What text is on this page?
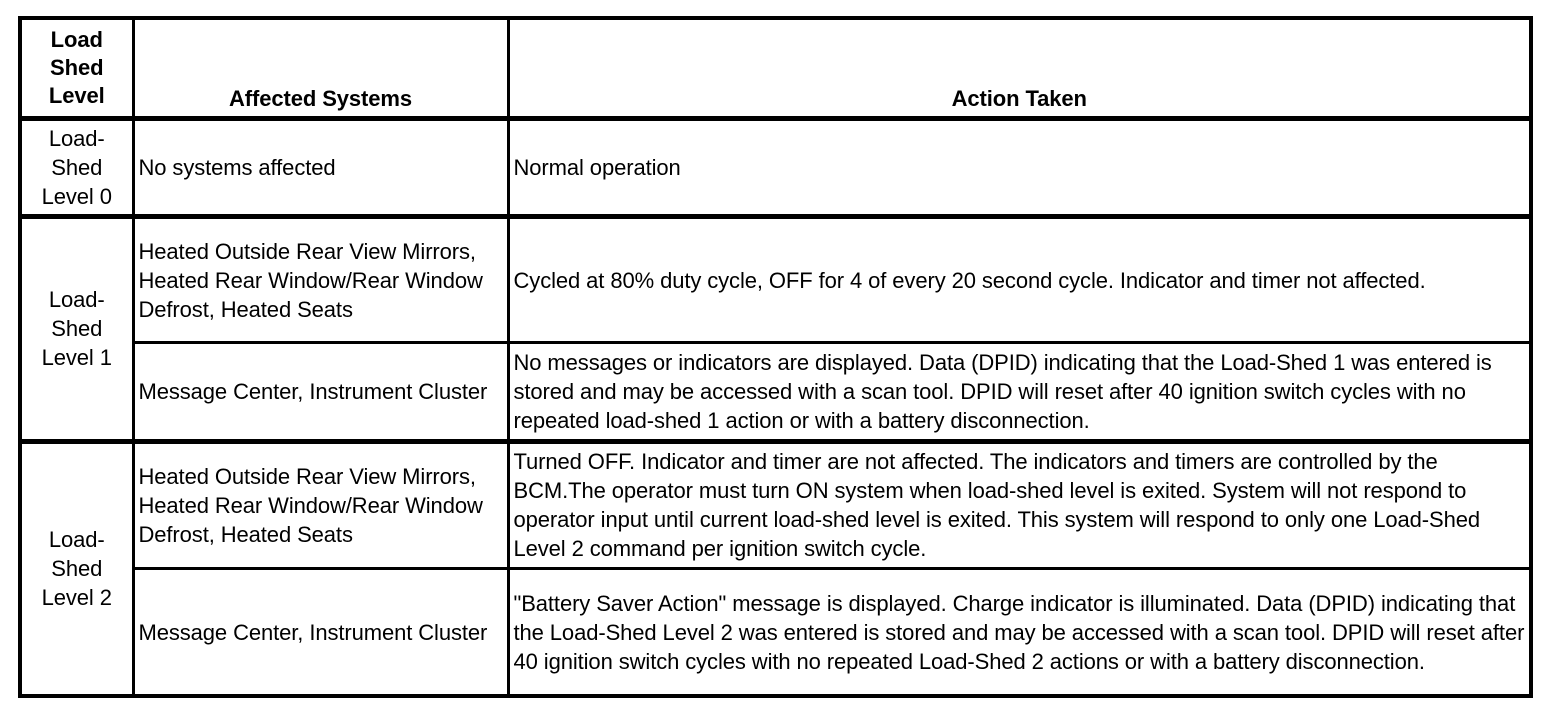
Load Shed Level	Affected Systems	Action Taken
Load-Shed Level 0	No systems affected	Normal operation
Load-Shed Level 1	Heated Outside Rear View Mirrors, Heated Rear Window/Rear Window Defrost, Heated Seats	Cycled at 80% duty cycle, OFF for 4 of every 20 second cycle. Indicator and timer not affected.
	Message Center, Instrument Cluster	No messages or indicators are displayed. Data (DPID) indicating that the Load-Shed 1 was entered is stored and may be accessed with a scan tool. DPID will reset after 40 ignition switch cycles with no repeated load-shed 1 action or with a battery disconnection.
Load-Shed Level 2	Heated Outside Rear View Mirrors, Heated Rear Window/Rear Window Defrost, Heated Seats	Turned OFF. Indicator and timer are not affected. The indicators and timers are controlled by the BCM.The operator must turn ON system when load-shed level is exited. System will not respond to operator input until current load-shed level is exited. This system will respond to only one Load-Shed Level 2 command per ignition switch cycle.
	Message Center, Instrument Cluster	"Battery Saver Action" message is displayed. Charge indicator is illuminated. Data (DPID) indicating that the Load-Shed Level 2 was entered is stored and may be accessed with a scan tool. DPID will reset after 40 ignition switch cycles with no repeated Load-Shed 2 actions or with a battery disconnection.
